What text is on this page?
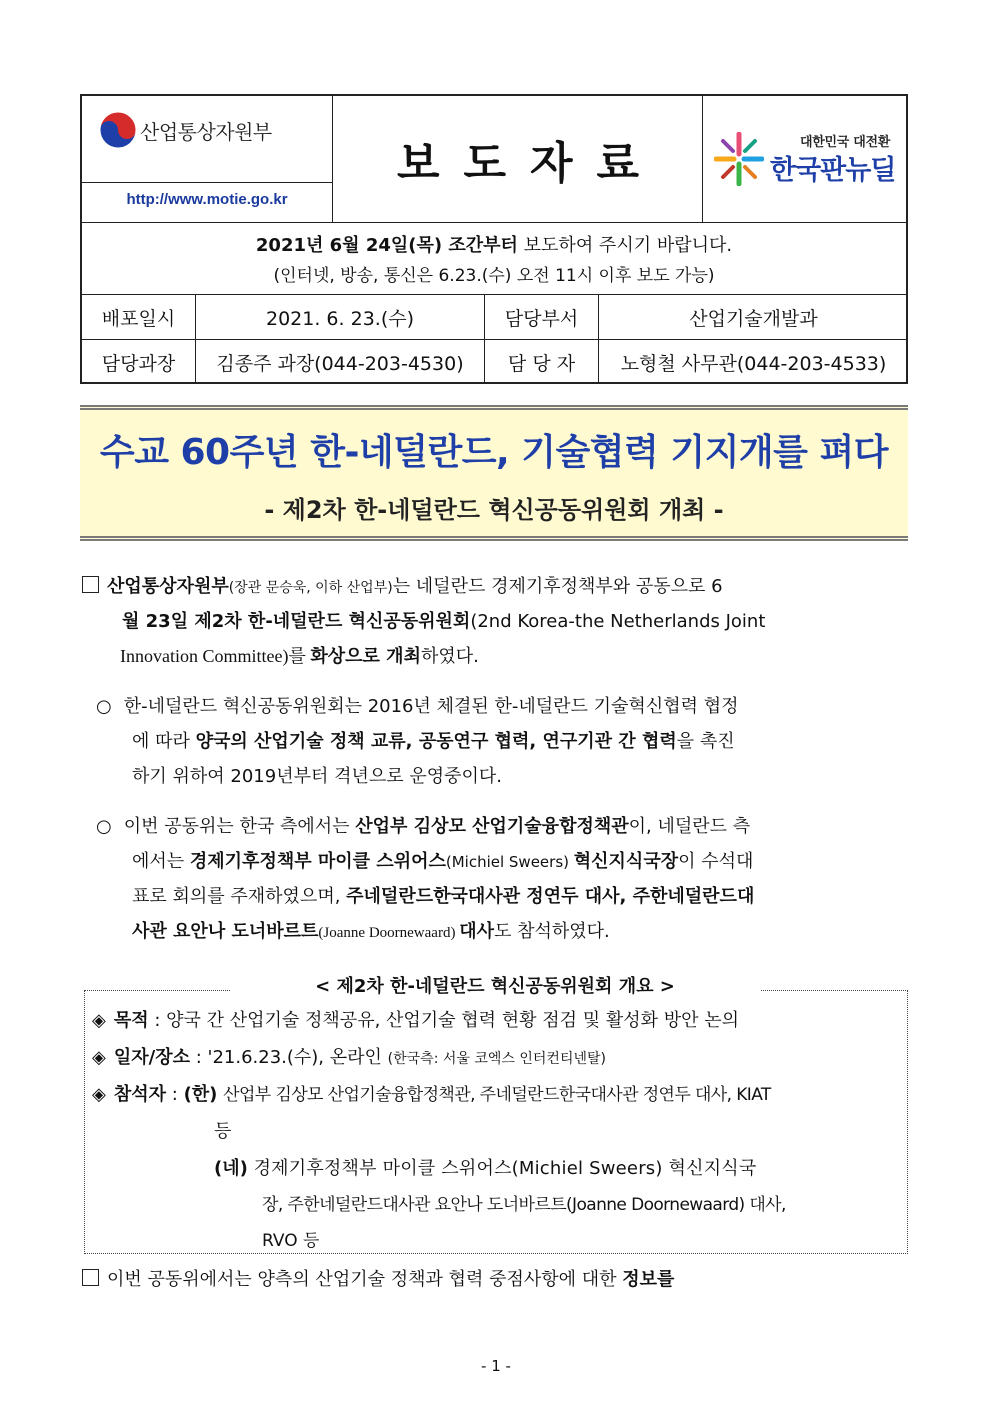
산업통상자원부
http://www.motie.go.kr
보도자료	대한민국 대전환
한국판뉴딜
2021년 6월 24일(목) 조간부터 보도하여 주시기 바랍니다.
(인터넷, 방송, 통신은 6.23.(수) 오전 11시 이후 보도 가능)
배포일시	2021. 6. 23.(수)	담당부서	산업기술개발과
담당과장	김종주 과장(044-203-4530)	담 당 자	노형철 사무관(044-203-4533)
수교 60주년 한-네덜란드, 기술협력 기지개를 펴다
- 제2차 한-네덜란드 혁신공동위원회 개최 -
산업통상자원부(장관 문승욱, 이하 산업부)는 네덜란드 경제기후정책부와 공동으로 6
월 23일 제2차 한-네덜란드 혁신공동위원회(2nd Korea-the Netherlands Joint
Innovation Committee)를 화상으로 개최하였다.
○ 한-네덜란드 혁신공동위원회는 2016년 체결된 한-네덜란드 기술혁신협력 협정
에 따라 양국의 산업기술 정책 교류, 공동연구 협력, 연구기관 간 협력을 촉진
하기 위하여 2019년부터 격년으로 운영중이다.
○ 이번 공동위는 한국 측에서는 산업부 김상모 산업기술융합정책관이, 네덜란드 측
에서는 경제기후정책부 마이클 스위어스(Michiel Sweers) 혁신지식국장이 수석대
표로 회의를 주재하였으며, 주네덜란드한국대사관 정연두 대사, 주한네덜란드대
사관 요안나 도너바르트(Joanne Doornewaard) 대사도 참석하였다.
< 제2차 한-네덜란드 혁신공동위원회 개요 >
◈ 목적 : 양국 간 산업기술 정책공유, 산업기술 협력 현황 점검 및 활성화 방안 논의
◈ 일자/장소 : '21.6.23.(수), 온라인 (한국측: 서울 코엑스 인터컨티넨탈)
◈ 참석자 : (한) 산업부 김상모 산업기술융합정책관, 주네덜란드한국대사관 정연두 대사, KIAT
등
(네) 경제기후정책부 마이클 스위어스(Michiel Sweers) 혁신지식국
장, 주한네덜란드대사관 요안나 도너바르트(Joanne Doornewaard) 대사,
RVO 등
이번 공동위에서는 양측의 산업기술 정책과 협력 중점사항에 대한 정보를
- 1 -
